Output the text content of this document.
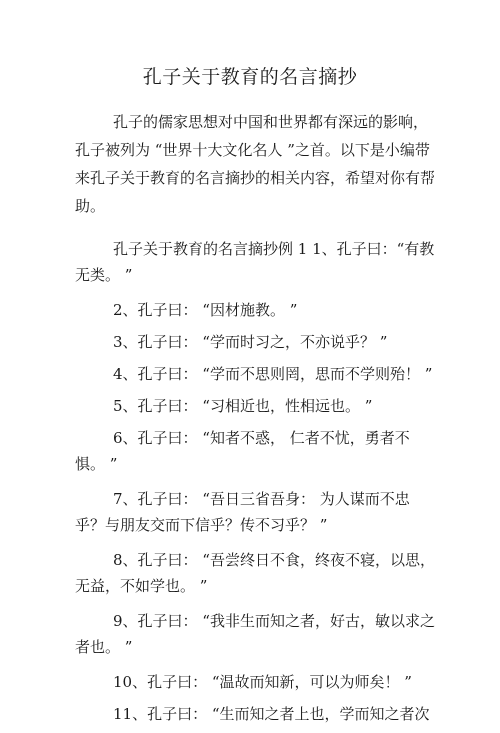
孔子关于教育的名言摘抄
孔子的儒家思想对中国和世界都有深远的影响，孔子被列为 “世界十大文化名人 ”之首。以下是小编带来孔子关于教育的名言摘抄的相关内容，希望对你有帮助。
孔子关于教育的名言摘抄例 1 1、孔子曰：“有教无类。 ”
2、孔子曰： “因材施教。 ”
3、孔子曰： “学而时习之，不亦说乎？ ”
4、孔子曰： “学而不思则罔，思而不学则殆！ ”
5、孔子曰： “习相近也，性相远也。 ”
6、孔子曰： “知者不惑， 仁者不忧，勇者不惧。 ”
7、孔子曰： “吾日三省吾身： 为人谋而不忠乎？与朋友交而下信乎？传不习乎？ ”
8、孔子曰： “吾尝终日不食，终夜不寝，以思，无益，不如学也。 ”
9、孔子曰： “我非生而知之者，好古，敏以求之者也。 ”
10、孔子曰： “温故而知新，可以为师矣！ ”
11、孔子曰： “生而知之者上也，学而知之者次
